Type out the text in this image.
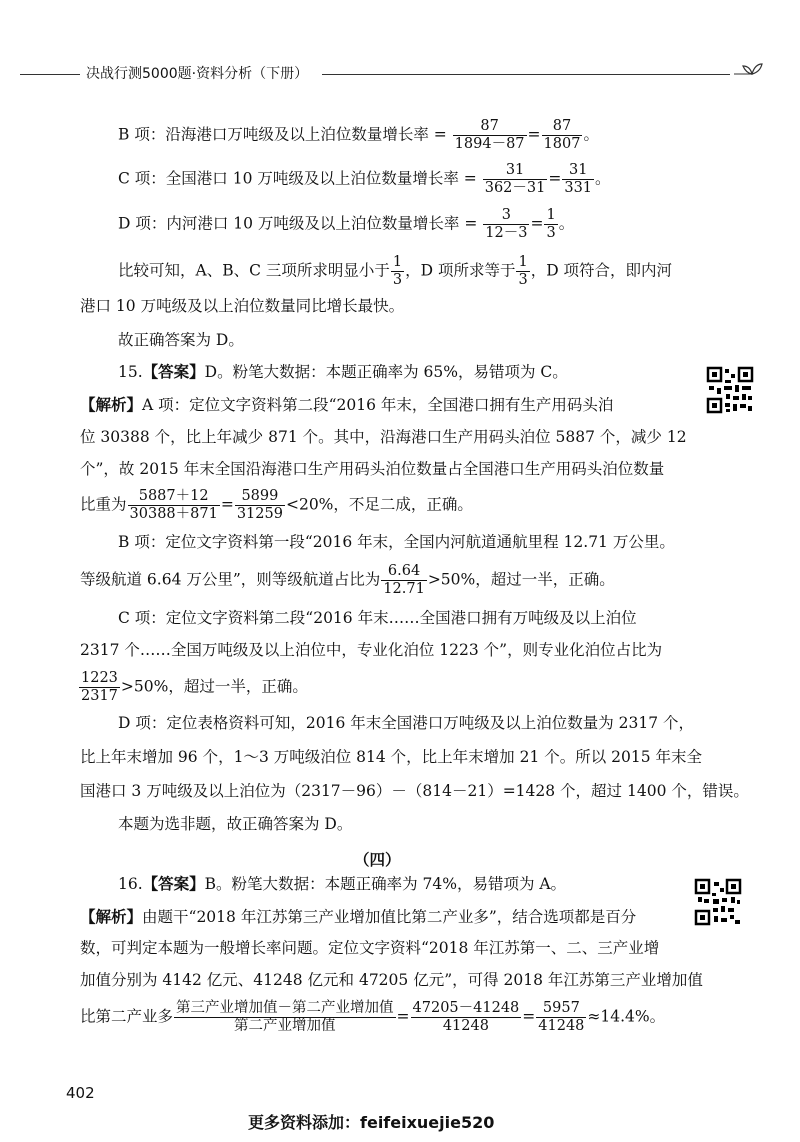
决战行测5000题·资料分析（下册）
B 项：沿海港口万吨级及以上泊位数量增长率 = $\frac{87}{1894-87} = \frac{87}{1807}$ 。
C 项：全国港口 10 万吨级及以上泊位数量增长率 = $\frac{31}{362-31} = \frac{31}{331}$ 。
D 项：内河港口 10 万吨级及以上泊位数量增长率 = $\frac{3}{12-3} = \frac{1}{3}$ 。
比较可知，A、B、C 三项所求明显小于 $\frac{1}{3}$ ，D 项所求等于 $\frac{1}{3}$ ，D 项符合，即内河
港口 10 万吨级及以上泊位数量同比增长最快。
故正确答案为 D。
15.【答案】D。粉笔大数据：本题正确率为 65%，易错项为 C。
【解析】A 项：定位文字资料第二段“2016 年末，全国港口拥有生产用码头泊
位 30388 个，比上年减少 871 个。其中，沿海港口生产用码头泊位 5887 个，减少 12
个”，故 2015 年末全国沿海港口生产用码头泊位数量占全国港口生产用码头泊位数量
比重为 $\frac{5887+12}{30388+871} = \frac{5899}{31259} <20\%$，不足二成，正确。
B 项：定位文字资料第一段“2016 年末，全国内河航道通航里程 12.71 万公里。
等级航道 6.64 万公里”，则等级航道占比为 $\frac{6.64}{12.71} >50\%$，超过一半，正确。
C 项：定位文字资料第二段“2016 年末……全国港口拥有万吨级及以上泊位
2317 个……全国万吨级及以上泊位中，专业化泊位 1223 个”，则专业化泊位占比为
$\frac{1223}{2317} >50\%$，超过一半，正确。
D 项：定位表格资料可知，2016 年末全国港口万吨级及以上泊位数量为 2317 个，
比上年末增加 96 个，1～3 万吨级泊位 814 个，比上年末增加 21 个。所以 2015 年末全
国港口 3 万吨级及以上泊位为（2317－96）－（814－21）=1428 个，超过 1400 个，错误。
本题为选非题，故正确答案为 D。
（四）
16.【答案】B。粉笔大数据：本题正确率为 74%，易错项为 A。
【解析】由题干“2018 年江苏第三产业增加值比第二产业多”，结合选项都是百分
数，可判定本题为一般增长率问题。定位文字资料“2018 年江苏第一、二、三产业增
加值分别为 4142 亿元、41248 亿元和 47205 亿元”，可得 2018 年江苏第三产业增加值
比第二产业多 $\frac{\text{第三产业增加值－第二产业增加值}}{\text{第二产业增加值}} = \frac{47205-41248}{41248} = \frac{5957}{41248} \approx 14.4\%$。
402
更多资料添加：feifeixuejie520
